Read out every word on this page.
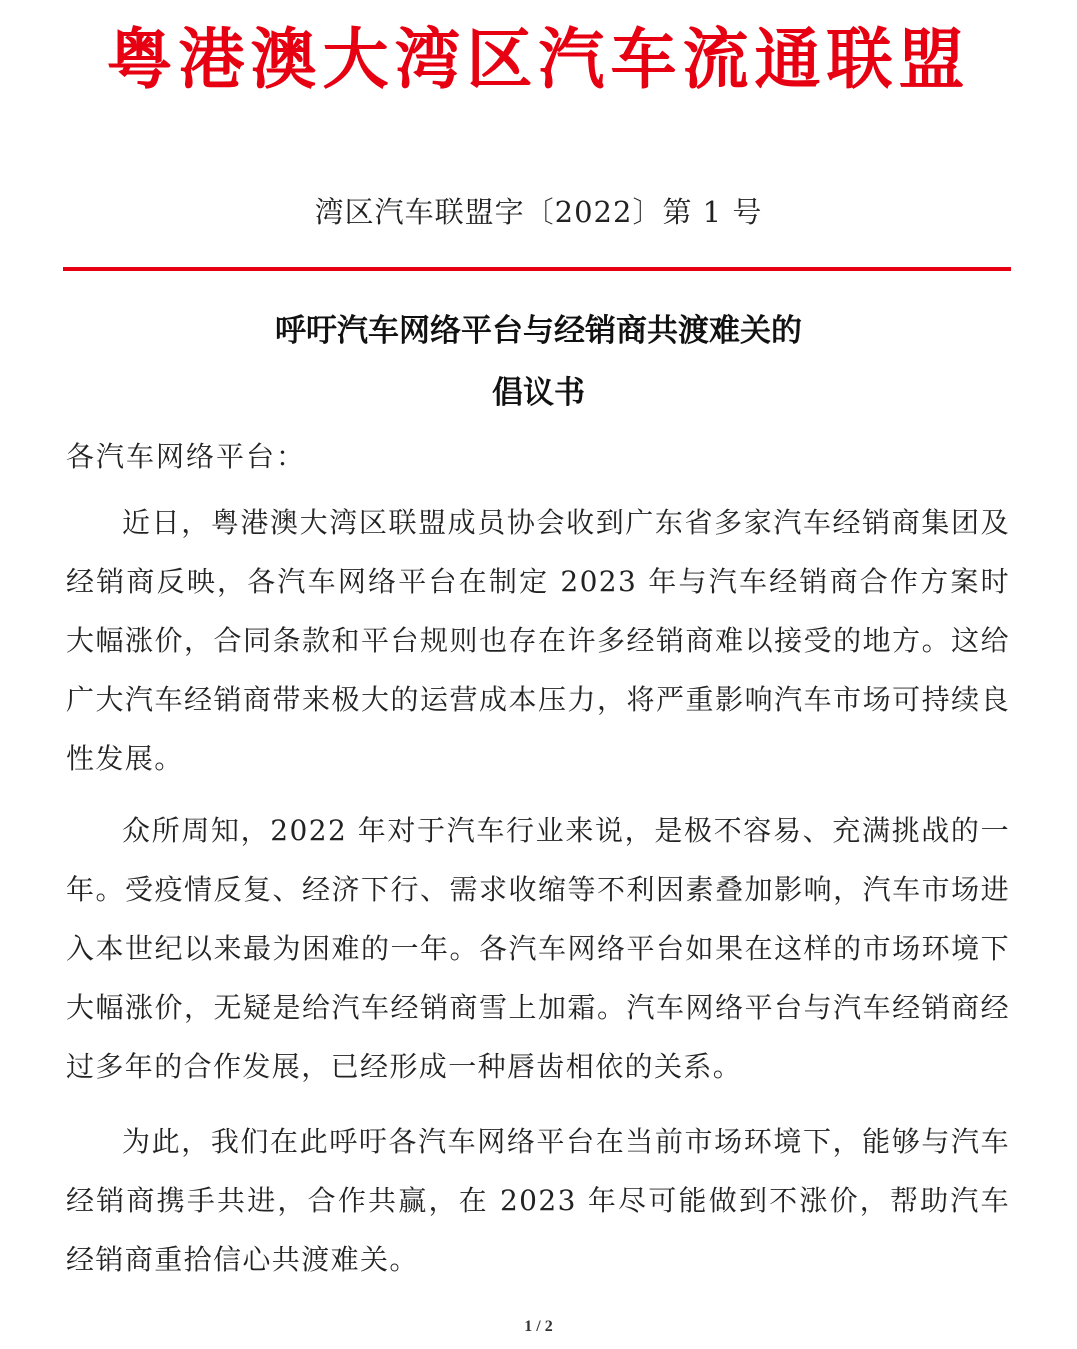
粤港澳大湾区汽车流通联盟
湾区汽车联盟字〔2022〕第 1 号
呼吁汽车网络平台与经销商共渡难关的
倡议书
各汽车网络平台：

近日，粤港澳大湾区联盟成员协会收到广东省多家汽车经销商集团及经销商反映，各汽车网络平台在制定 2023 年与汽车经销商合作方案时大幅涨价，合同条款和平台规则也存在许多经销商难以接受的地方。这给广大汽车经销商带来极大的运营成本压力，将严重影响汽车市场可持续良性发展。

众所周知，2022 年对于汽车行业来说，是极不容易、充满挑战的一年。受疫情反复、经济下行、需求收缩等不利因素叠加影响，汽车市场进入本世纪以来最为困难的一年。各汽车网络平台如果在这样的市场环境下大幅涨价，无疑是给汽车经销商雪上加霜。汽车网络平台与汽车经销商经过多年的合作发展，已经形成一种唇齿相依的关系。

为此，我们在此呼吁各汽车网络平台在当前市场环境下，能够与汽车经销商携手共进，合作共赢，在 2023 年尽可能做到不涨价，帮助汽车经销商重拾信心共渡难关。

1 / 2
